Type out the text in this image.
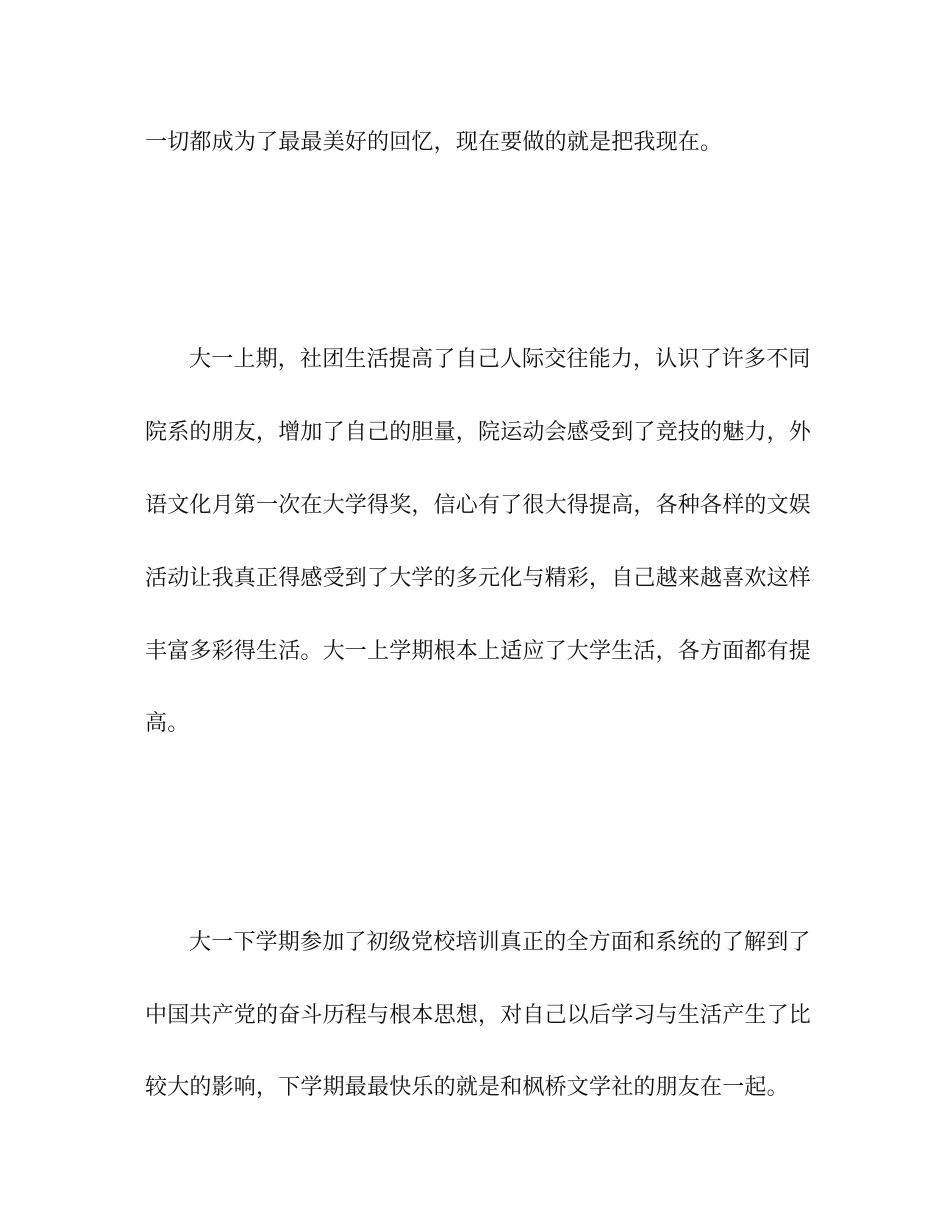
一切都成为了最最美好的回忆，现在要做的就是把我现在。
大一上期，社团生活提高了自己人际交往能力，认识了许多不同
院系的朋友，增加了自己的胆量，院运动会感受到了竞技的魅力，外
语文化月第一次在大学得奖，信心有了很大得提高，各种各样的文娱
活动让我真正得感受到了大学的多元化与精彩，自己越来越喜欢这样
丰富多彩得生活。大一上学期根本上适应了大学生活，各方面都有提
高。
大一下学期参加了初级党校培训真正的全方面和系统的了解到了
中国共产党的奋斗历程与根本思想，对自己以后学习与生活产生了比
较大的影响，下学期最最快乐的就是和枫桥文学社的朋友在一起。
